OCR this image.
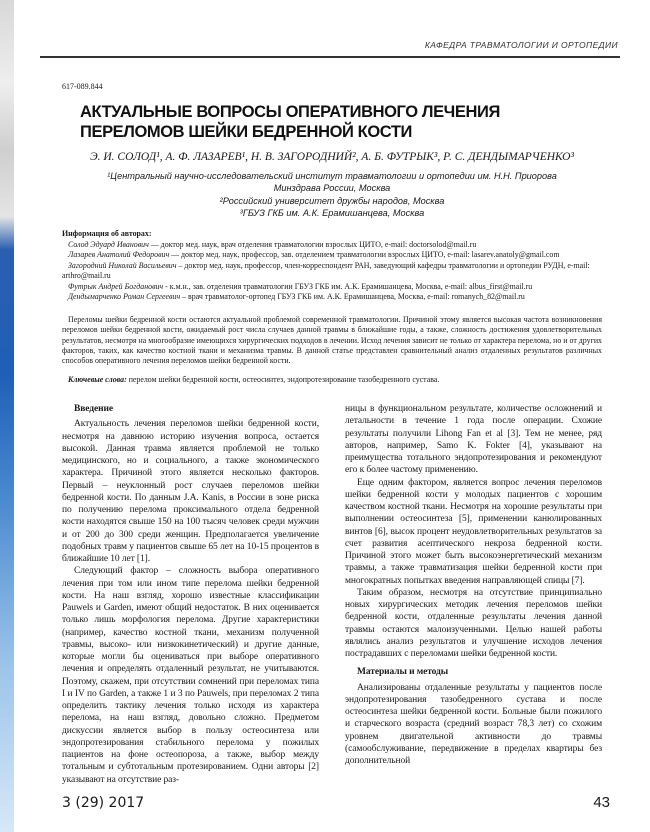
КАФЕДРА ТРАВМАТОЛОГИИ И ОРТОПЕДИИ
617-089.844
АКТУАЛЬНЫЕ ВОПРОСЫ ОПЕРАТИВНОГО ЛЕЧЕНИЯ ПЕРЕЛОМОВ ШЕЙКИ БЕДРЕННОЙ КОСТИ
Э. И. СОЛОД¹, А. Ф. ЛАЗАРЕВ¹, Н. В. ЗАГОРОДНИЙ², А. Б. ФУТРЫК³, Р. С. ДЕНДЫМАРЧЕНКО³
¹Центральный научно-исследовательский институт травматологии и ортопедии им. Н.Н. Приорова
Минздрава России, Москва
²Российский университет дружбы народов, Москва
³ГБУЗ ГКБ им. А.К. Ерамишанцева, Москва
Информация об авторах:

Солод Эдуард Иванович — доктор мед. наук, врач отделения травматологии взрослых ЦИТО, e-mail: doctorsolod@mail.ru

Лазарев Анатолий Федорович — доктор мед. наук, профессор, зав. отделением травматологии взрослых ЦИТО, e-mail: lasarev.anatoly@gmail.com

Загородний Николай Васильевич – доктор мед. наук, профессор, член-корреспондент РАН, заведующий кафедры травматологии и ортопедии РУДН, e-mail: arthro@mail.ru

Футрык Андрей Богданович - к.м.н., зав. отделения травматологии ГБУЗ ГКБ им. А.К. Ерамишанцева, Москва, e-mail: albus_first@mail.ru

Дендымарченко Роман Сергеевич – врач травматолог-ортопед ГБУЗ ГКБ им. А.К. Ерамишанцева, Москва, e-mail: romanych_82@mail.ru

Переломы шейки бедренной кости остаются актуальной проблемой современной травматологии. Причиной этому является высокая частота возникновения переломов шейки бедренной кости, ожидаемый рост числа случаев данной травмы в ближайшие годы, а также, сложность достижения удовлетворительных результатов, несмотря на многообразие имеющихся хирургических подходов в лечении. Исход лечения зависит не только от характера перелома, но и от других факторов, таких, как качество костной ткани и механизма травмы. В данной статье представлен сравнительный анализ отдаленных результатов различных способов оперативного лечения переломов шейки бедренной кости.

Ключевые слова: перелом шейки бедренной кости, остеосинтез, эндопротезирование тазобедренного сустава.
Введение

Актуальность лечения переломов шейки бедренной кости, несмотря на давнюю историю изучения вопроса, остается высокой. Данная травма является проблемой не только медицинского, но и социального, а также экономического характера. Причиной этого является несколько факторов. Первый – неуклонный рост случаев переломов шейки бедренной кости. По данным J.A. Kanis, в России в зоне риска по получению перелома проксимального отдела бедренной кости находятся свыше 150 на 100 тысяч человек среди мужчин и от 200 до 300 среди женщин. Предполагается увеличение подобных травм у пациентов свыше 65 лет на 10-15 процентов в ближайшие 10 лет [1].

Следующий фактор – сложность выбора оперативного лечения при том или ином типе перелома шейки бедренной кости. На наш взгляд, хорошо известные классификации Pauwels и Garden, имеют общий недостаток. В них оценивается только лишь морфология перелома. Другие характеристики (например, качество костной ткани, механизм полученной травмы, высоко- или низкокинетический) и другие данные, которые могли бы оцениваться при выборе оперативного лечения и определять отдаленный результат, не учитываются. Поэтому, скажем, при отсутствии сомнений при переломах типа I и IV по Garden, а также 1 и 3 по Pauwels, при переломах 2 типа определить тактику лечения только исходя из характера перелома, на наш взгляд, довольно сложно. Предметом дискуссии является выбор в пользу остеосинтеза или эндопротезирования стабильного перелома у пожилых пациентов на фоне остеопороза, а также, выбор между тотальным и субтотальным протезированием. Одни авторы [2] указывают на отсутствие раз-

ницы в функциональном результате, количестве осложнений и летальности в течение 1 года после операции. Схожие результаты получили Lihong Fan et al [3]. Тем не менее, ряд авторов, например, Samo K. Fokter [4], указывают на преимущества тотального эндопротезирования и рекомендуют его к более частому применению.

Еще одним фактором, является вопрос лечения переломов шейки бедренной кости у молодых пациентов с хорошим качеством костной ткани. Несмотря на хорошие результаты при выполнении остеосинтеза [5], применении канюлированных винтов [6], высок процент неудовлетворительных результатов за счет развития асептического некроза бедренной кости. Причиной этого может быть высокоэнергетический механизм травмы, а также травматизация шейки бедренной кости при многократных попытках введения направляющей спицы [7].

Таким образом, несмотря на отсутствие принципиально новых хирургических методик лечения переломов шейки бедренной кости, отдаленные результаты лечения данной травмы остаются малоизученными. Целью нашей работы являлись анализ результатов и улучшение исходов лечения пострадавших с переломами шейки бедренной кости.

Материалы и методы

Анализированы отдаленные результаты у пациентов после эндопротезирования тазобедренного сустава и после остеосинтеза шейки бедренной кости. Больные были пожилого и старческого возраста (средний возраст 78,3 лет) со схожим уровнем двигательной активности до травмы (самообслуживание, передвижение в пределах квартиры без дополнительной

3 (29) 2017	43
